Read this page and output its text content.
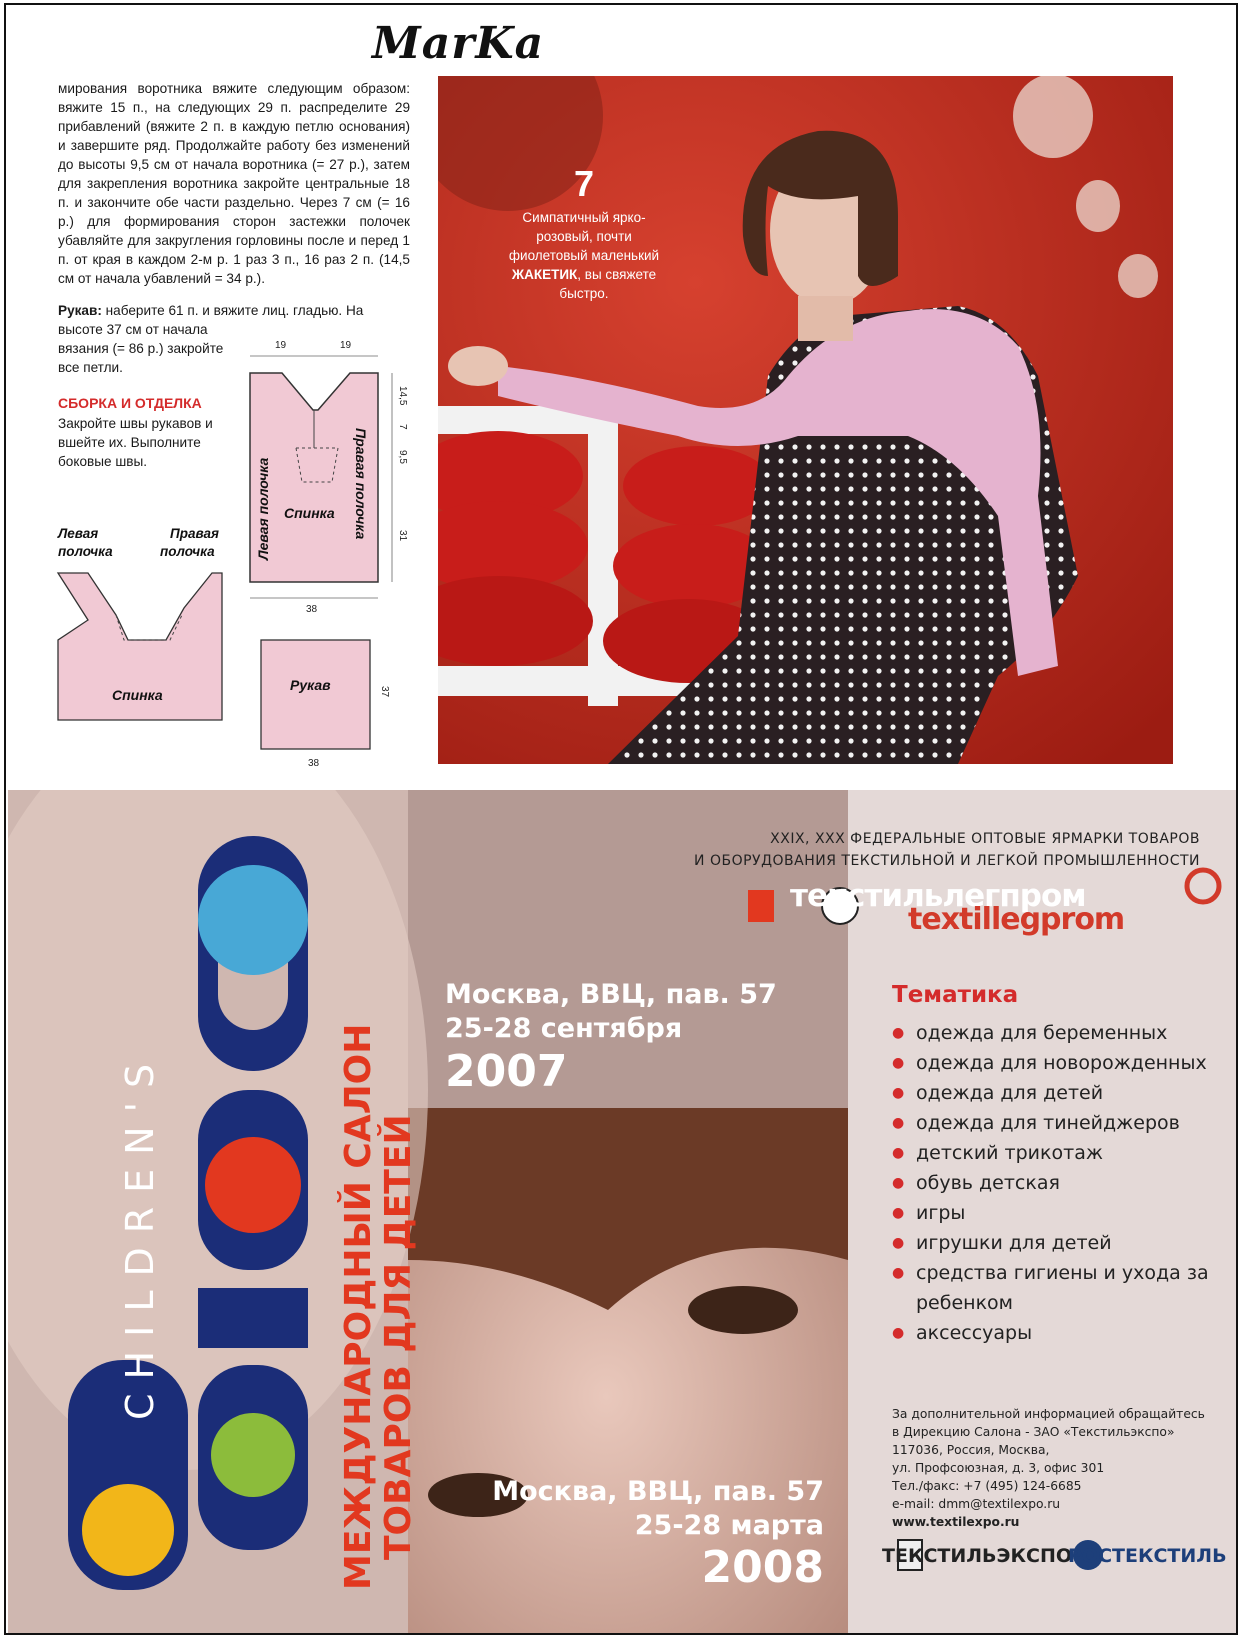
MarKa
мирования воротника вяжите следующим образом: вяжите 15 п., на следующих 29 п. распределите 29 прибавлений (вяжите 2 п. в каждую петлю основания) и завершите ряд. Продолжайте работу без изменений до высоты 9,5 см от начала воротника (= 27 р.), затем для закрепления воротника закройте центральные 18 п. и закончите обе части раздельно. Через 7 см (= 16 р.) для формирования сторон застежки полочек убавляйте для закругления горловины после и перед 1 п. от края в каждом 2-м р. 1 раз 3 п., 16 раз 2 п. (14,5 см от начала убавлений = 34 р.).
Рукав: наберите 61 п. и вяжите лиц. гладью. На высоте 37 см от начала
вязания (= 86 р.) закройте все петли.
СБОРКА И ОТДЕЛКА
Закройте швы рукавов и вшейте их. Выполните боковые швы.	Левая полочка	Правая полочка
Спинка
19	19
14,5
7
9,5
31
38
Левая
полочка
Правая
полочка
Спинка
Рукав	37
38
7
Симпатичный ярко-розовый, почти фиолетовый маленький ЖАКЕТИК, вы свяжете быстро.
CHILDREN'S	МЕЖДУНАРОДНЫЙ САЛОН ТОВАРОВ ДЛЯ ДЕТЕЙ
XXIX, XXX ФЕДЕРАЛЬНЫЕ ОПТОВЫЕ ЯРМАРКИ ТОВАРОВ
И ОБОРУДОВАНИЯ ТЕКСТИЛЬНОЙ И ЛЕГКОЙ ПРОМЫШЛЕННОСТИ
текстильлегпром
textillegprom
Москва, ВВЦ, пав. 57
25-28 сентября
2007
Москва, ВВЦ, пав. 57
25-28 марта
2008
Тематика
● одежда для беременных
● одежда для новорожденных
● одежда для детей
● одежда для тинейджеров
● детский трикотаж
● обувь детская
● игры
● игрушки для детей
● средства гигиены и ухода за ребенком
● аксессуары
За дополнительной информацией обращайтесь
в Дирекцию Салона - ЗАО «Текстильэкспо»
117036, Россия, Москва,
ул. Профсоюзная, д. 3, офис 301
Тел./факс: +7 (495) 124-6685
e-mail: dmm@textilexpo.ru
www.textilexpo.ru
ТЕКСТИЛЬЭКСПО
РОСТЕКСТИЛЬ
